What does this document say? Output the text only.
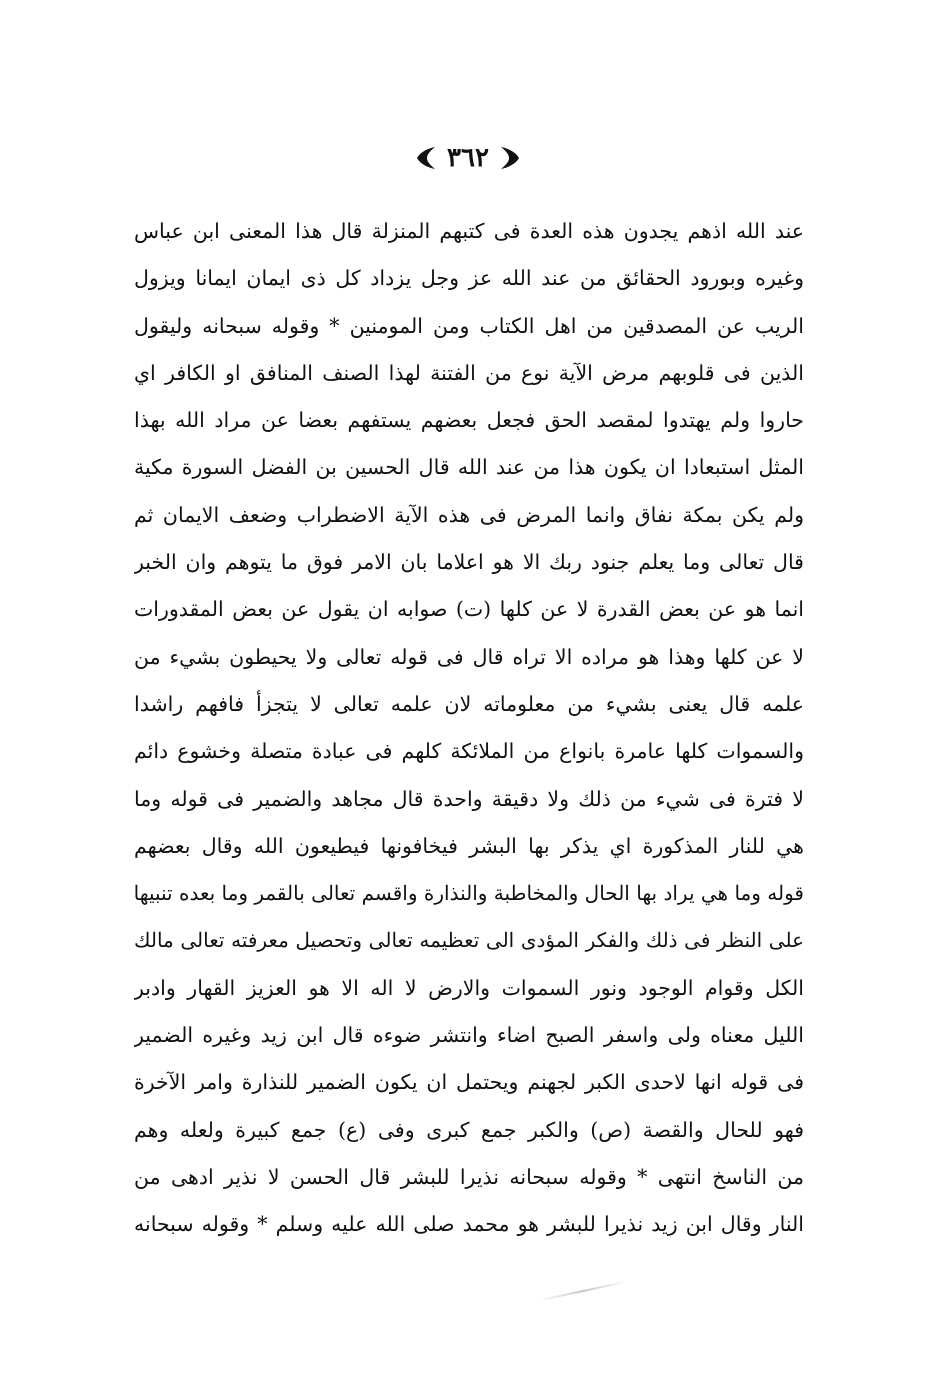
٣٦٢
عند الله اذهم يجدون هذه العدة فى كتبهم المنزلة قال هذا المعنى ابن عباس
وغيره وبورود الحقائق من عند الله عز وجل يزداد كل ذى ايمان ايمانا ويزول
الريب عن المصدقين من اهل الكتاب ومن المومنين * وقوله سبحانه وليقول
الذين فى قلوبهم مرض الآية نوع من الفتنة لهذا الصنف المنافق او الكافر اي
حاروا ولم يهتدوا لمقصد الحق فجعل بعضهم يستفهم بعضا عن مراد الله بهذا
المثل استبعادا ان يكون هذا من عند الله قال الحسين بن الفضل السورة مكية
ولم يكن بمكة نفاق وانما المرض فى هذه الآية الاضطراب وضعف الايمان ثم
قال تعالى وما يعلم جنود ربك الا هو اعلاما بان الامر فوق ما يتوهم وان الخبر
انما هو عن بعض القدرة لا عن كلها (ت) صوابه ان يقول عن بعض المقدورات
لا عن كلها وهذا هو مراده الا تراه قال فى قوله تعالى ولا يحيطون بشيء من
علمه قال يعنى بشيء من معلوماته لان علمه تعالى لا يتجزأ فافهم راشدا
والسموات كلها عامرة بانواع من الملائكة كلهم فى عبادة متصلة وخشوع دائم
لا فترة فى شيء من ذلك ولا دقيقة واحدة قال مجاهد والضمير فى قوله وما
هي للنار المذكورة اي يذكر بها البشر فيخافونها فيطيعون الله وقال بعضهم
قوله وما هي يراد بها الحال والمخاطبة والنذارة واقسم تعالى بالقمر وما بعده تنبيها
على النظر فى ذلك والفكر المؤدى الى تعظيمه تعالى وتحصيل معرفته تعالى مالك
الكل وقوام الوجود ونور السموات والارض لا اله الا هو العزيز القهار وادبر
الليل معناه ولى واسفر الصبح اضاء وانتشر ضوءه قال ابن زيد وغيره الضمير
فى قوله انها لاحدى الكبر لجهنم ويحتمل ان يكون الضمير للنذارة وامر الآخرة
فهو للحال والقصة (ص) والكبر جمع كبرى وفى (ع) جمع كبيرة ولعله وهم
من الناسخ انتهى * وقوله سبحانه نذيرا للبشر قال الحسن لا نذير ادهى من
النار وقال ابن زيد نذيرا للبشر هو محمد صلى الله عليه وسلم * وقوله سبحانه
